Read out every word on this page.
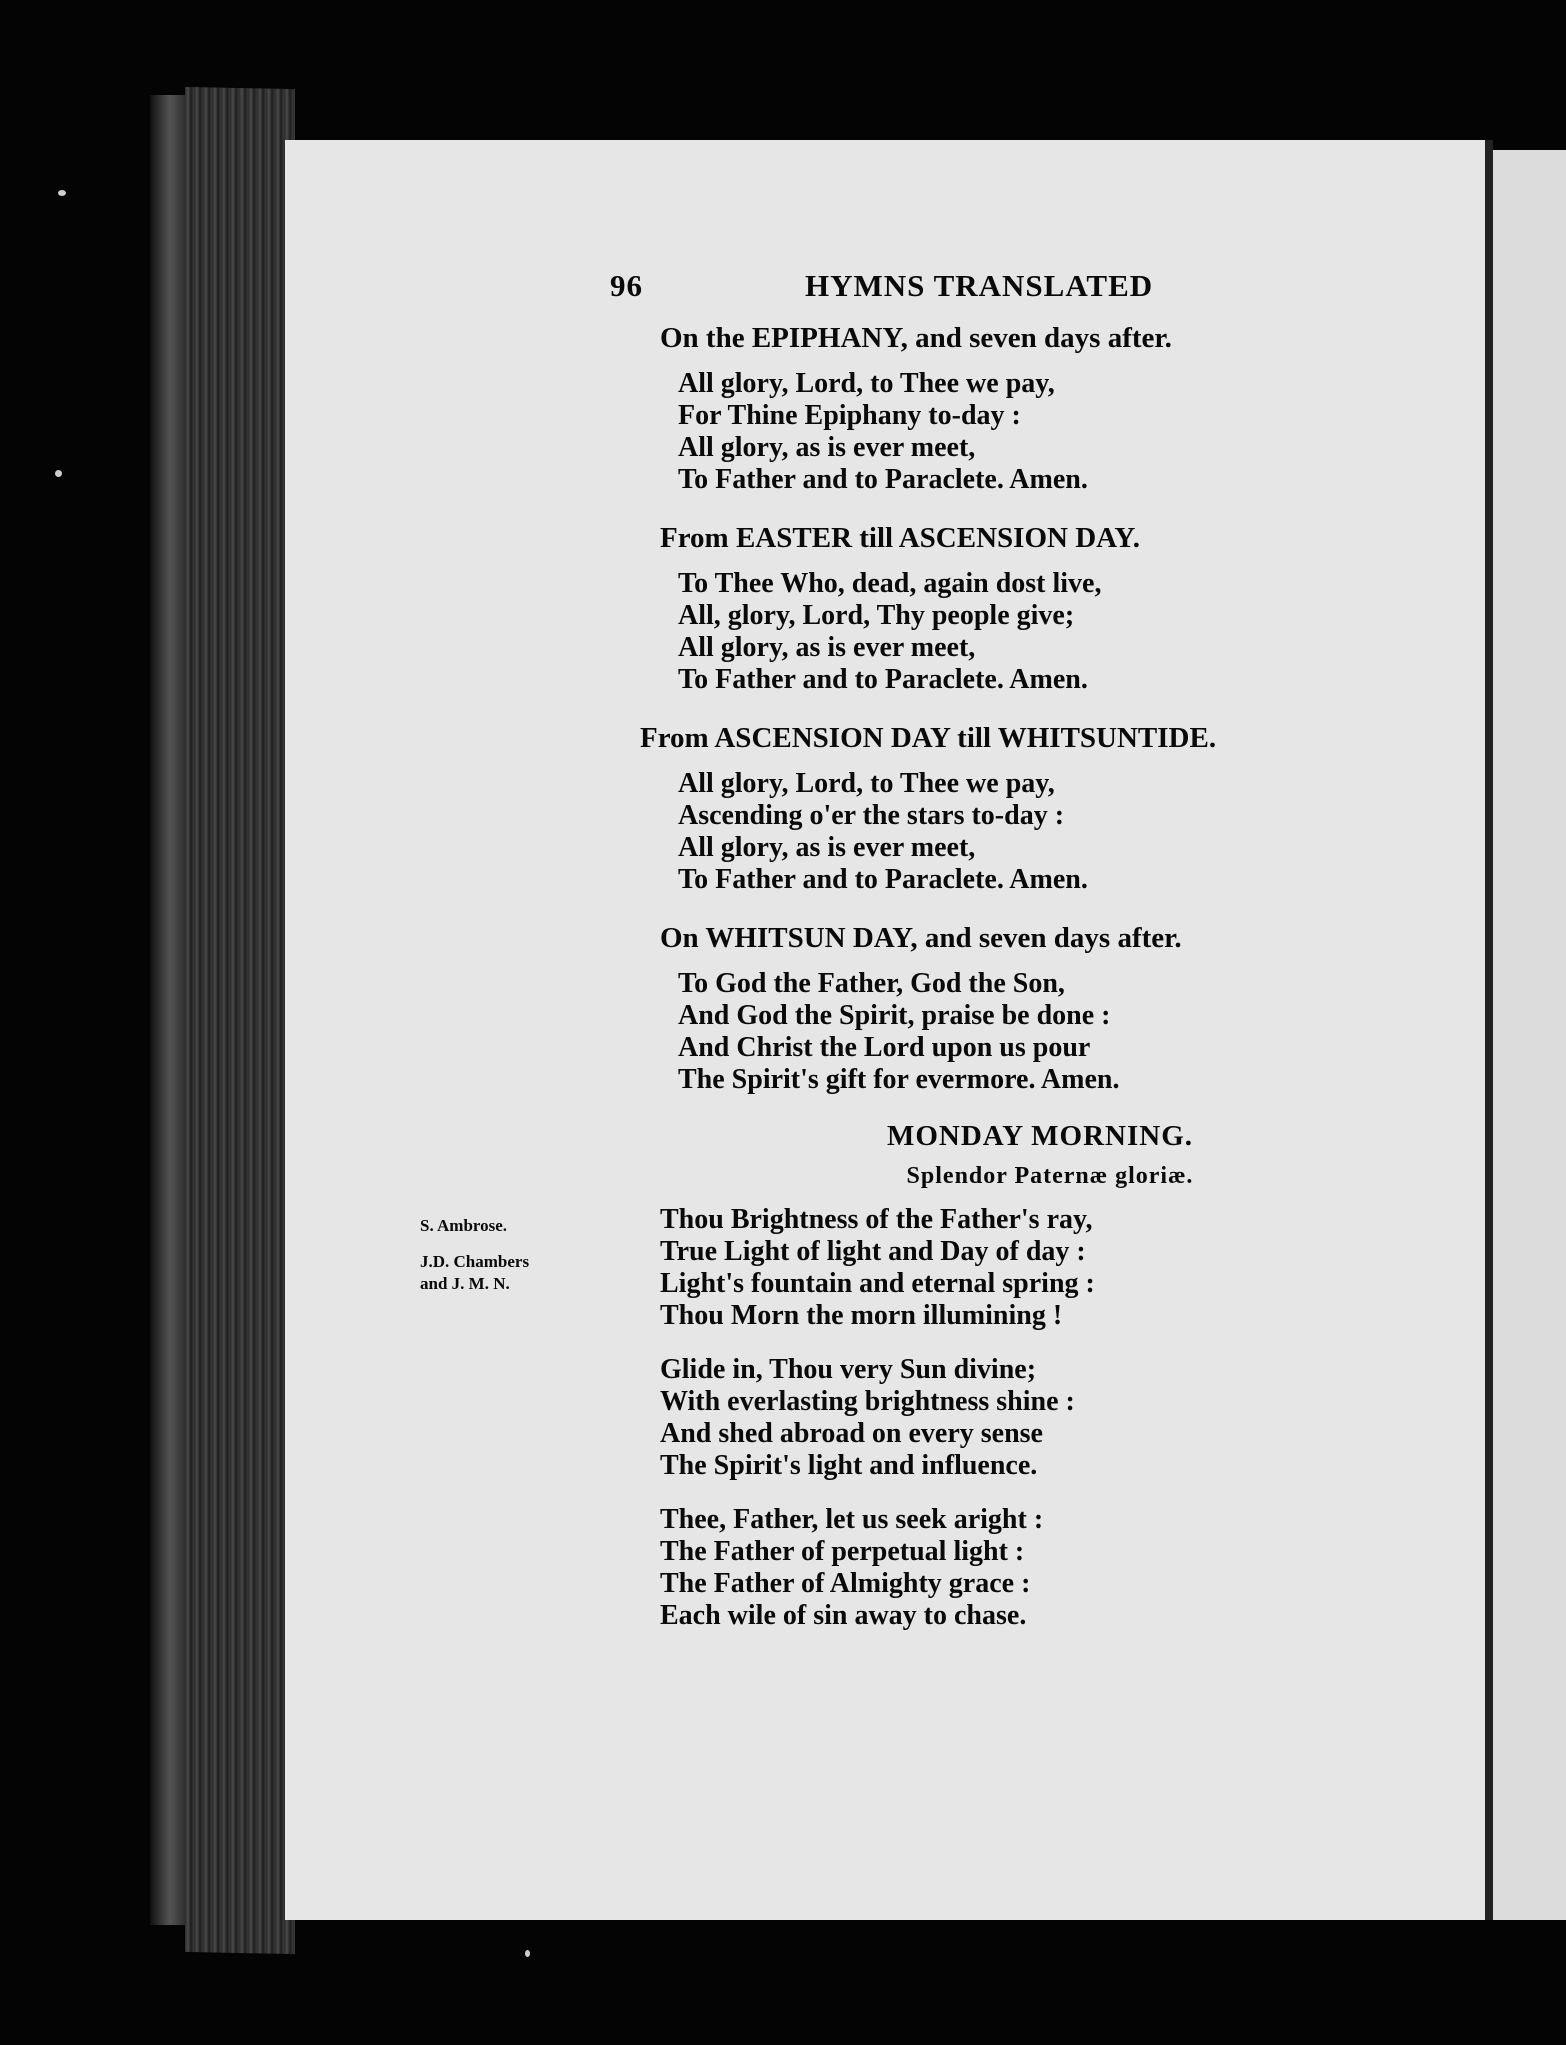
96	HYMNS TRANSLATED
On the EPIPHANY, and seven days after.
All glory, Lord, to Thee we pay,
For Thine Epiphany to-day :
All glory, as is ever meet,
To Father and to Paraclete. Amen.
From EASTER till ASCENSION DAY.
To Thee Who, dead, again dost live,
All, glory, Lord, Thy people give;
All glory, as is ever meet,
To Father and to Paraclete. Amen.
From ASCENSION DAY till WHITSUNTIDE.
All glory, Lord, to Thee we pay,
Ascending o'er the stars to-day :
All glory, as is ever meet,
To Father and to Paraclete. Amen.
On WHITSUN DAY, and seven days after.
To God the Father, God the Son,
And God the Spirit, praise be done :
And Christ the Lord upon us pour
The Spirit's gift for evermore. Amen.
MONDAY MORNING.
Splendor Paternæ gloriæ.
Thou Brightness of the Father's ray,
True Light of light and Day of day :
Light's fountain and eternal spring :
Thou Morn the morn illumining !
Glide in, Thou very Sun divine;
With everlasting brightness shine :
And shed abroad on every sense
The Spirit's light and influence.
Thee, Father, let us seek aright :
The Father of perpetual light :
The Father of Almighty grace :
Each wile of sin away to chase.
S. Ambrose.
J.D. Chambers
and J. M. N.
